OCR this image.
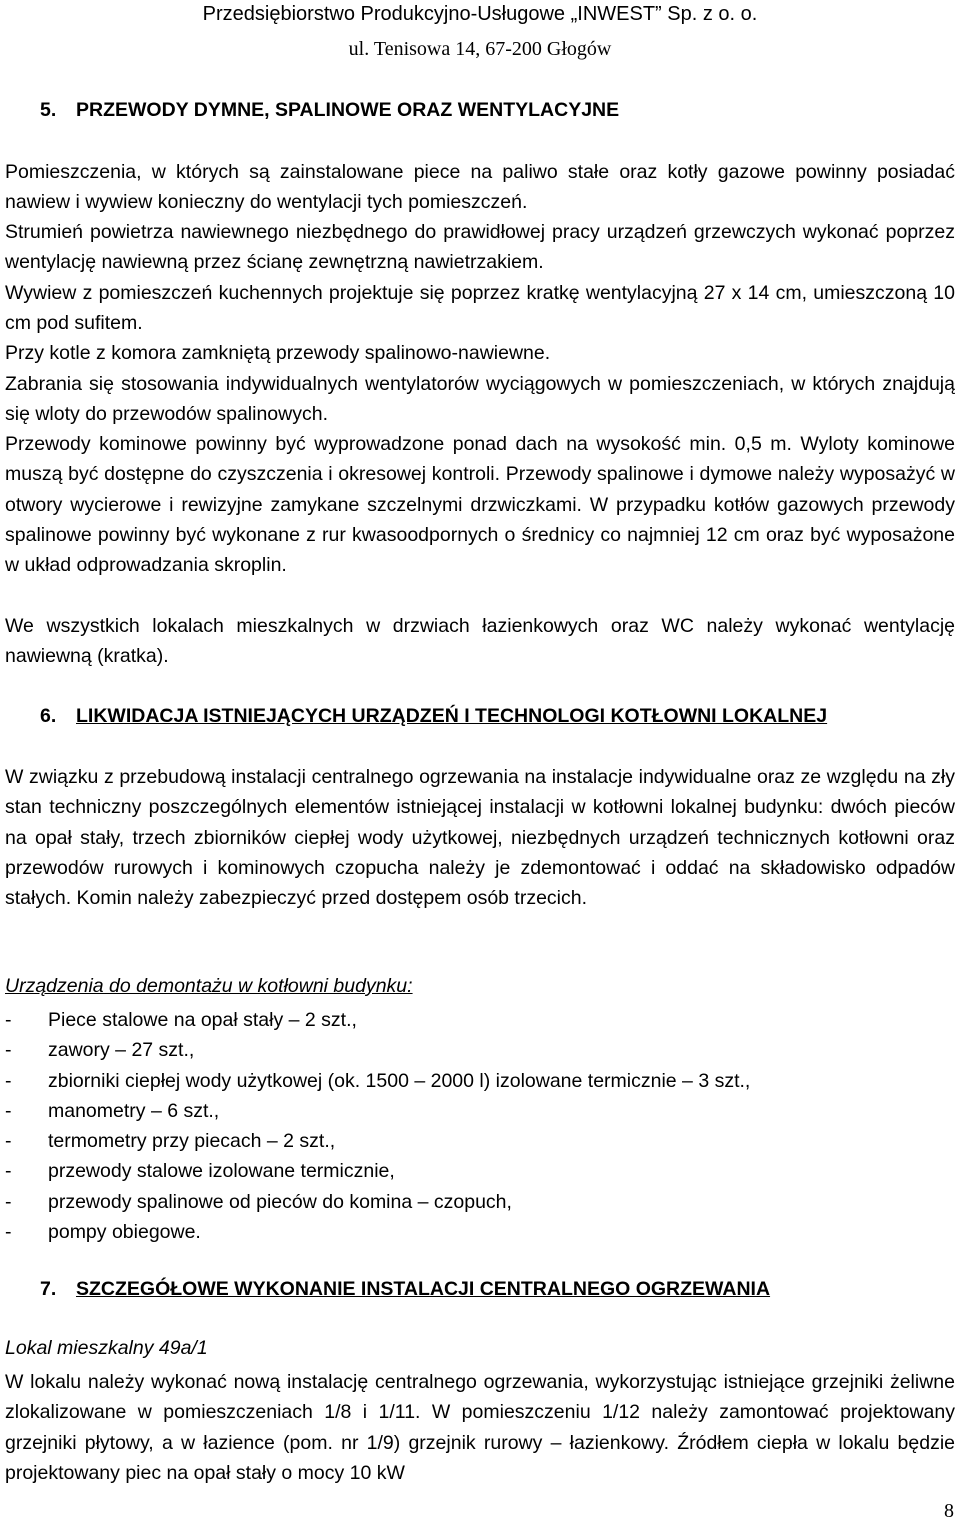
Przedsiębiorstwo Produkcyjno-Usługowe „INWEST” Sp. z o. o.
ul. Tenisowa 14, 67-200 Głogów
5. PRZEWODY DYMNE, SPALINOWE ORAZ WENTYLACYJNE
Pomieszczenia, w których są zainstalowane piece na paliwo stałe oraz kotły gazowe powinny posiadać nawiew i wywiew konieczny do wentylacji tych pomieszczeń.
Strumień powietrza nawiewnego niezbędnego do prawidłowej pracy urządzeń grzewczych wykonać poprzez wentylację nawiewną przez ścianę zewnętrzną nawietrzakiem.
Wywiew z pomieszczeń kuchennych projektuje się poprzez kratkę wentylacyjną 27 x 14 cm, umieszczoną 10 cm pod sufitem.
Przy kotle z komora zamkniętą przewody spalinowo-nawiewne.
Zabrania się stosowania indywidualnych wentylatorów wyciągowych w pomieszczeniach, w których znajdują się wloty do przewodów spalinowych.
Przewody kominowe powinny być wyprowadzone ponad dach na wysokość min. 0,5 m. Wyloty kominowe muszą być dostępne do czyszczenia i okresowej kontroli. Przewody spalinowe i dymowe należy wyposażyć w otwory wycierowe i rewizyjne zamykane szczelnymi drzwiczkami. W przypadku kotłów gazowych przewody spalinowe powinny być wykonane z rur kwasoodpornych o średnicy co najmniej 12 cm oraz być wyposażone w układ odprowadzania skroplin.
We wszystkich lokalach mieszkalnych w drzwiach łazienkowych oraz WC należy wykonać wentylację nawiewną (kratka).
6. LIKWIDACJA ISTNIEJĄCYCH URZĄDZEŃ I TECHNOLOGI KOTŁOWNI LOKALNEJ
W związku z przebudową instalacji centralnego ogrzewania na instalacje indywidualne oraz ze względu na zły stan techniczny poszczególnych elementów istniejącej instalacji w kotłowni lokalnej budynku: dwóch pieców na opał stały, trzech zbiorników ciepłej wody użytkowej, niezbędnych urządzeń technicznych kotłowni oraz przewodów rurowych i kominowych czopucha należy je zdemontować i oddać na składowisko odpadów stałych. Komin należy zabezpieczyć przed dostępem osób trzecich.
Urządzenia do demontażu w kotłowni budynku:
- Piece stalowe na opał stały – 2 szt.,
- zawory – 27 szt.,
- zbiorniki ciepłej wody użytkowej (ok. 1500 – 2000 l) izolowane termicznie – 3 szt.,
- manometry – 6 szt.,
- termometry przy piecach – 2 szt.,
- przewody stalowe izolowane termicznie,
- przewody spalinowe od pieców do komina – czopuch,
- pompy obiegowe.
7. SZCZEGÓŁOWE WYKONANIE INSTALACJI CENTRALNEGO OGRZEWANIA
Lokal mieszkalny 49a/1
W lokalu należy wykonać nową instalację centralnego ogrzewania, wykorzystując istniejące grzejniki żeliwne zlokalizowane w pomieszczeniach 1/8 i 1/11. W pomieszczeniu 1/12 należy zamontować projektowany grzejniki płytowy, a w łazience (pom. nr 1/9) grzejnik rurowy – łazienkowy. Źródłem ciepła w lokalu będzie projektowany piec na opał stały o mocy 10 kW
8
